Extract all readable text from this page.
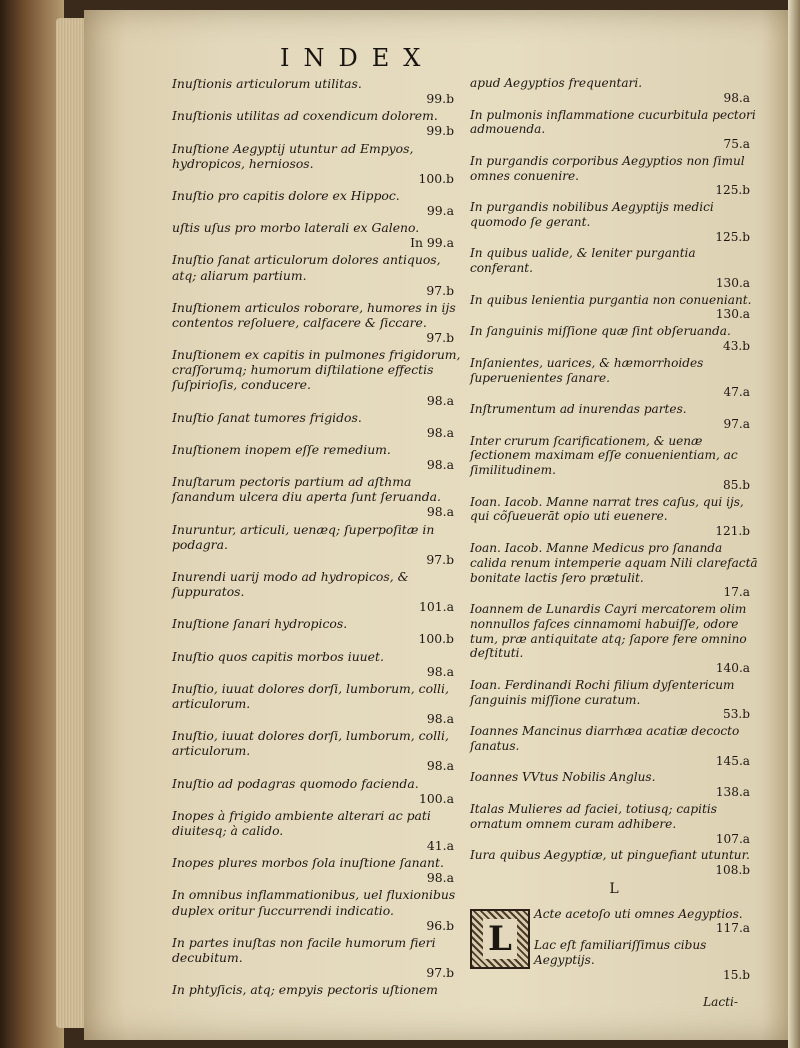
INDEX
Inuſtionis articulorum utilitas.
99.b
Inuſtionis utilitas ad coxendicum dolorem.
99.b
Inuſtione Aegyptij utuntur ad Empyos, hydropicos, herniosos.
100.b
Inuſtio pro capitis dolore ex Hippoc.
99.a
uſtis uſus pro morbo laterali ex Galeno.
In 99.a
Inuſtio ſanat articulorum dolores antiquos, atq; aliarum partium.
97.b
Inuſtionem articulos roborare, humores in ijs contentos reſoluere, calfacere & ſiccare.
97.b
Inuſtionem ex capitis in pulmones frigidorum, craſſorumq; humorum diſtilatione effectis ſuſpirioſis, conducere.
98.a
Inuſtio ſanat tumores frigidos.
98.a
Inuſtionem inopem eſſe remedium.
98.a
Inuſtarum pectoris partium ad aſthma ſanandum ulcera diu aperta ſunt ſeruanda.
98.a
Inuruntur, articuli, uenæq; ſuperpoſitæ in podagra.
97.b
Inurendi uarij modo ad hydropicos, & ſuppuratos.
101.a
Inuſtione ſanari hydropicos.
100.b
Inuſtio quos capitis morbos iuuet.
98.a
Inuſtio, iuuat dolores dorſi, lumborum, colli, articulorum.
98.a
Inuſtio, iuuat dolores dorſi, lumborum, colli, articulorum.
98.a
Inuſtio ad podagras quomodo facienda.
100.a
Inopes à frigido ambiente alterari ac pati diuitesq; à calido.
41.a
Inopes plures morbos ſola inuſtione ſanant.
98.a
In omnibus inflammationibus, uel fluxionibus duplex oritur ſuccurrendi indicatio.
96.b
In partes inuſtas non facile humorum fieri decubitum.
97.b
In phtyſicis, atq; empyis pectoris uſtionem
apud Aegyptios frequentari.
98.a
In pulmonis inflammatione cucurbitula pectori admouenda.
75.a
In purgandis corporibus Aegyptios non ſimul omnes conuenire.
125.b
In purgandis nobilibus Aegyptijs medici quomodo ſe gerant.
125.b
In quibus ualide, & leniter purgantia conferant.
130.a
In quibus lenientia purgantia non conueniant.
130.a
In ſanguinis miſſione quæ ſint obſeruanda.
43.b
Inſanientes, uarices, & hæmorrhoides ſuperuenientes ſanare.
47.a
Inſtrumentum ad inurendas partes.
97.a
Inter crurum ſcarificationem, & uenæ ſectionem maximam eſſe conuenientiam, ac ſimilitudinem.
85.b
Ioan. Iacob. Manne narrat tres caſus, qui ijs, qui cõſueuerāt opio uti euenere.
121.b
Ioan. Iacob. Manne Medicus pro ſananda calida renum intemperie aquam Nili clarefactā bonitate lactis ſero prætulit.
17.a
Ioannem de Lunardis Cayri mercatorem olim nonnullos faſces cinnamomi habuiſſe, odore tum, præ antiquitate atq; ſapore fere omnino deſtituti.
140.a
Ioan. Ferdinandi Rochi filium dyſentericum ſanguinis miſſione curatum.
53.b
Ioannes Mancinus diarrhæa acatiæ decocto ſanatus.
145.a
Ioannes VVtus Nobilis Anglus.
138.a
Italas Mulieres ad faciei, totiusq; capitis ornatum omnem curam adhibere.
107.a
Iura quibus Aegyptiæ, ut pinguefiant utuntur.
108.b
L
L
Acte acetoſo uti omnes Aegyptios.
117.a
Lac eſt familiariſſimus cibus Aegyptijs.
15.b
Lacti-
